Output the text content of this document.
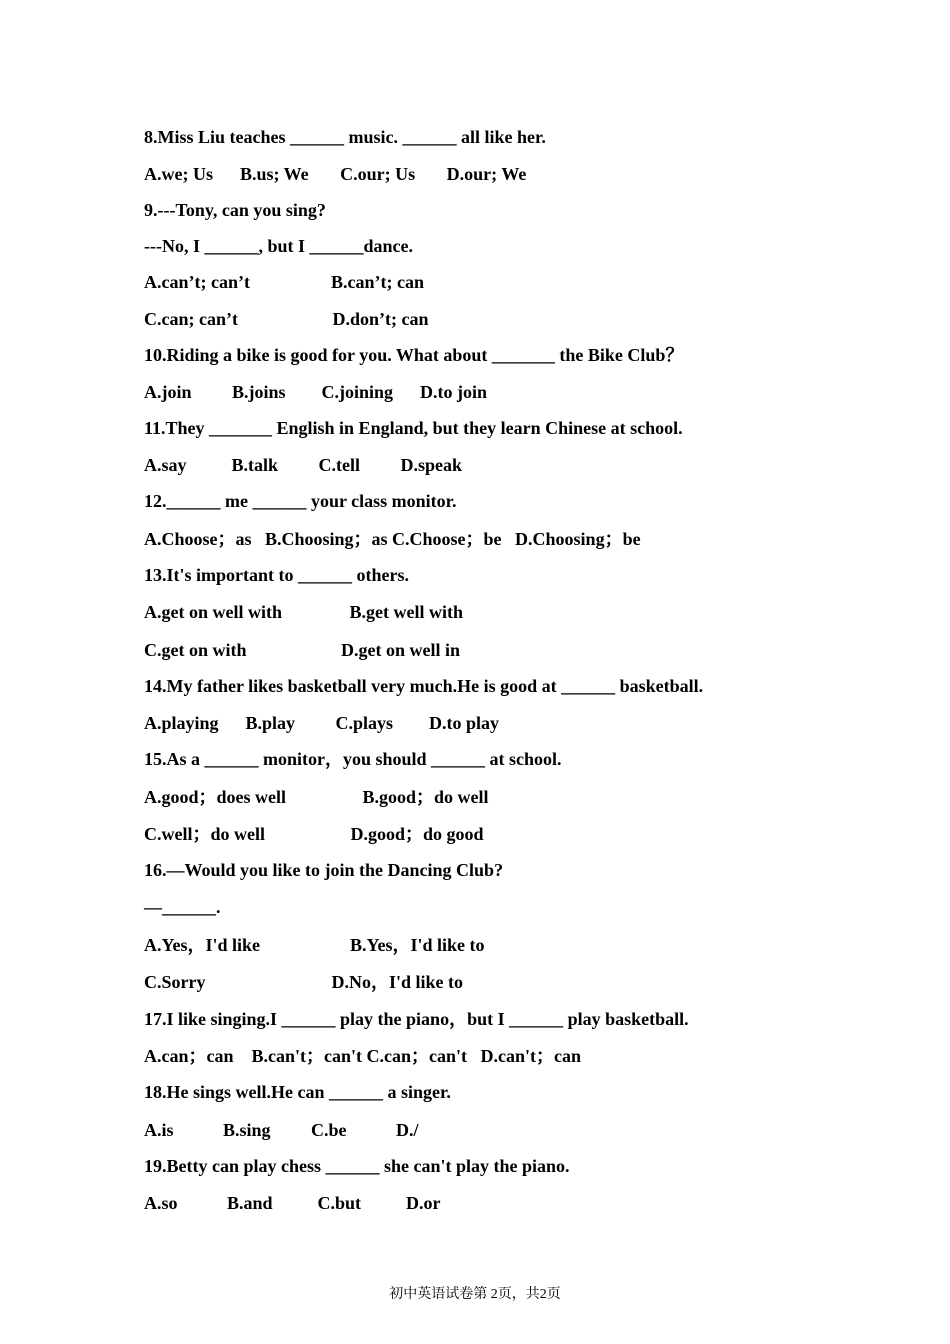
8.Miss Liu teaches ______ music. ______ all like her.
A.we; Us      B.us; We       C.our; Us       D.our; We
9.---Tony, can you sing?
---No, I ______, but I ______dance.
A.can’t; can’t                  B.can’t; can
C.can; can’t                     D.don’t; can
10.Riding a bike is good for you. What about _______ the Bike Club？
A.join         B.joins        C.joining      D.to join
11.They _______ English in England, but they learn Chinese at school.
A.say          B.talk         C.tell         D.speak
12.______ me ______ your class monitor.
A.Choose；as   B.Choosing；as C.Choose；be   D.Choosing；be
13.It's important to ______ others.
A.get on well with               B.get well with
C.get on with                     D.get on well in
14.My father likes basketball very much.He is good at ______ basketball.
A.playing      B.play         C.plays        D.to play
15.As a ______ monitor，you should ______ at school.
A.good；does well                 B.good；do well
C.well；do well                   D.good；do good
16.—Would you like to join the Dancing Club?
—______.
A.Yes，I'd like                    B.Yes，I'd like to
C.Sorry                            D.No，I'd like to
17.I like singing.I ______ play the piano，but I ______ play basketball.
A.can；can    B.can't；can't C.can；can't   D.can't；can
18.He sings well.He can ______ a singer.
A.is           B.sing         C.be           D./
19.Betty can play chess ______ she can't play the piano.
A.so           B.and          C.but          D.or
初中英语试卷第 2页，共2页
